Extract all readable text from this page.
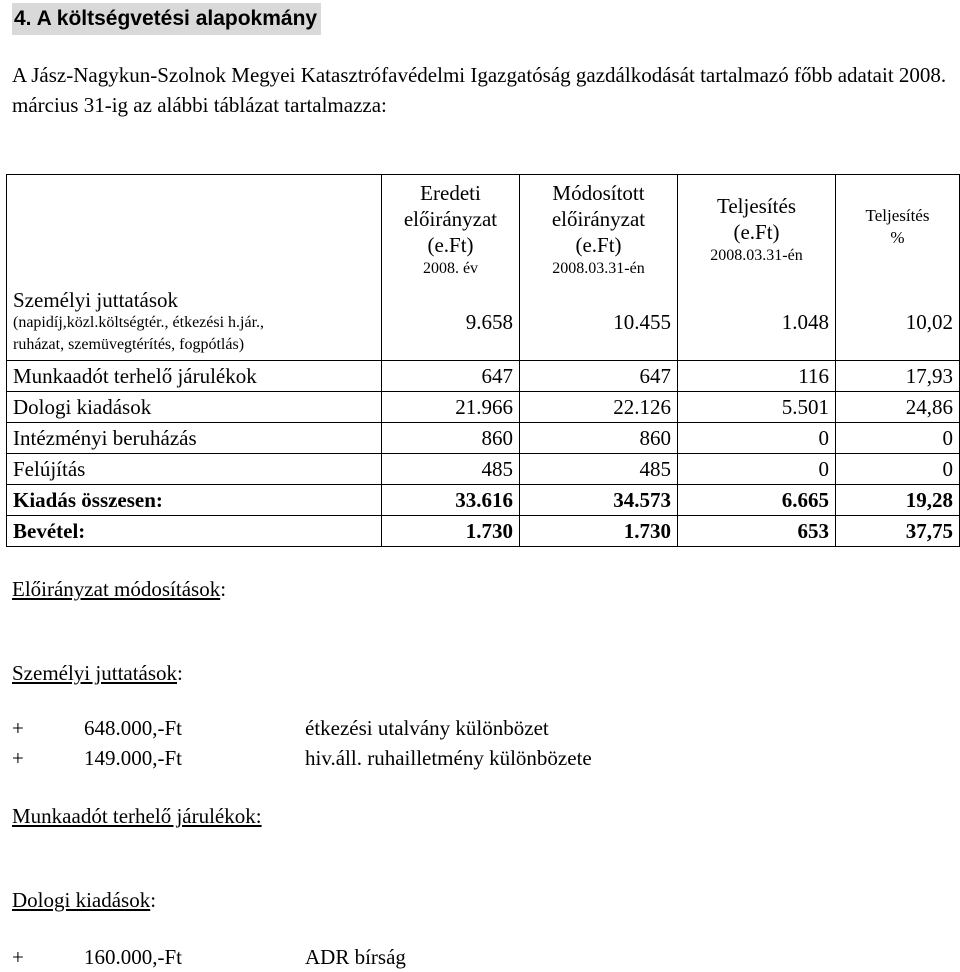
4. A költségvetési alapokmány
A Jász-Nagykun-Szolnok Megyei Katasztrófavédelmi Igazgatóság gazdálkodását tartalmazó főbb adatait 2008. március 31-ig az alábbi táblázat tartalmazza:

	Eredeti
előirányzat
(e.Ft)
2008. év	Módosított
előirányzat
(e.Ft)
2008.03.31-én	Teljesítés
(e.Ft)
2008.03.31-én	Teljesítés
%

Személyi juttatások
(napidíj,közl.költségtér., étkezési h.jár.,
ruházat, szemüvegtérítés, fogpótlás)	9.658	10.455	1.048	10,02
Munkaadót terhelő járulékok	647	647	116	17,93
Dologi kiadások	21.966	22.126	5.501	24,86
Intézményi beruházás	860	860	0	0
Felújítás	485	485	0	0
Kiadás összesen:	33.616	34.573	6.665	19,28
Bevétel:	1.730	1.730	653	37,75
Előirányzat módosítások:
Személyi juttatások:
+	648.000,-Ft	étkezési utalvány különbözet
+	149.000,-Ft	hiv.áll. ruhailletmény különbözete
Munkaadót terhelő járulékok:
Dologi kiadások:
+	160.000,-Ft	ADR bírság
